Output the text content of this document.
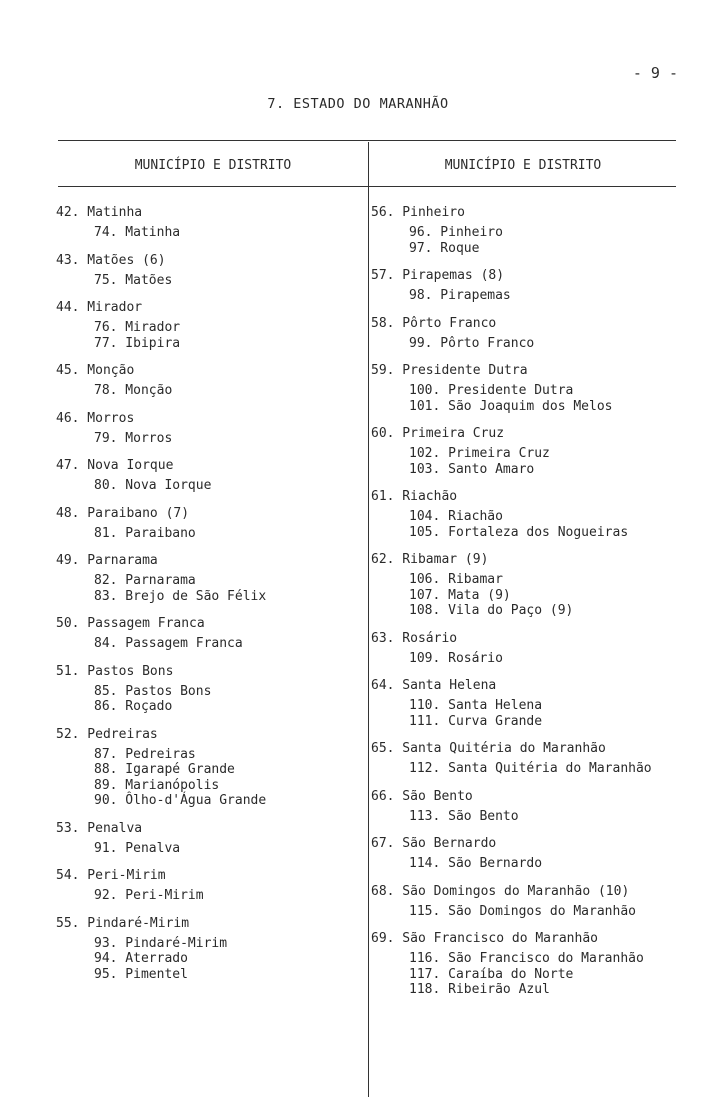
- 9 -
7. ESTADO DO MARANHÃO
MUNICÍPIO E DISTRITO	MUNICÍPIO E DISTRITO
42. Matinha
74. Matinha
43. Matões (6)
75. Matões
44. Mirador
76. Mirador
77. Ibipira
45. Monção
78. Monção
46. Morros
79. Morros
47. Nova Iorque
80. Nova Iorque
48. Paraibano (7)
81. Paraibano
49. Parnarama
82. Parnarama
83. Brejo de São Félix
50. Passagem Franca
84. Passagem Franca
51. Pastos Bons
85. Pastos Bons
86. Roçado
52. Pedreiras
87. Pedreiras
88. Igarapé Grande
89. Marianópolis
90. Ôlho-d'Água Grande
53. Penalva
91. Penalva
54. Peri-Mirim
92. Peri-Mirim
55. Pindaré-Mirim
93. Pindaré-Mirim
94. Aterrado
95. Pimentel
56. Pinheiro
96. Pinheiro
97. Roque
57. Pirapemas (8)
98. Pirapemas
58. Pôrto Franco
99. Pôrto Franco
59. Presidente Dutra
100. Presidente Dutra
101. São Joaquim dos Melos
60. Primeira Cruz
102. Primeira Cruz
103. Santo Amaro
61. Riachão
104. Riachão
105. Fortaleza dos Nogueiras
62. Ribamar (9)
106. Ribamar
107. Mata (9)
108. Vila do Paço (9)
63. Rosário
109. Rosário
64. Santa Helena
110. Santa Helena
111. Curva Grande
65. Santa Quitéria do Maranhão
112. Santa Quitéria do Maranhão
66. São Bento
113. São Bento
67. São Bernardo
114. São Bernardo
68. São Domingos do Maranhão (10)
115. São Domingos do Maranhão
69. São Francisco do Maranhão
116. São Francisco do Maranhão
117. Caraíba do Norte
118. Ribeirão Azul
